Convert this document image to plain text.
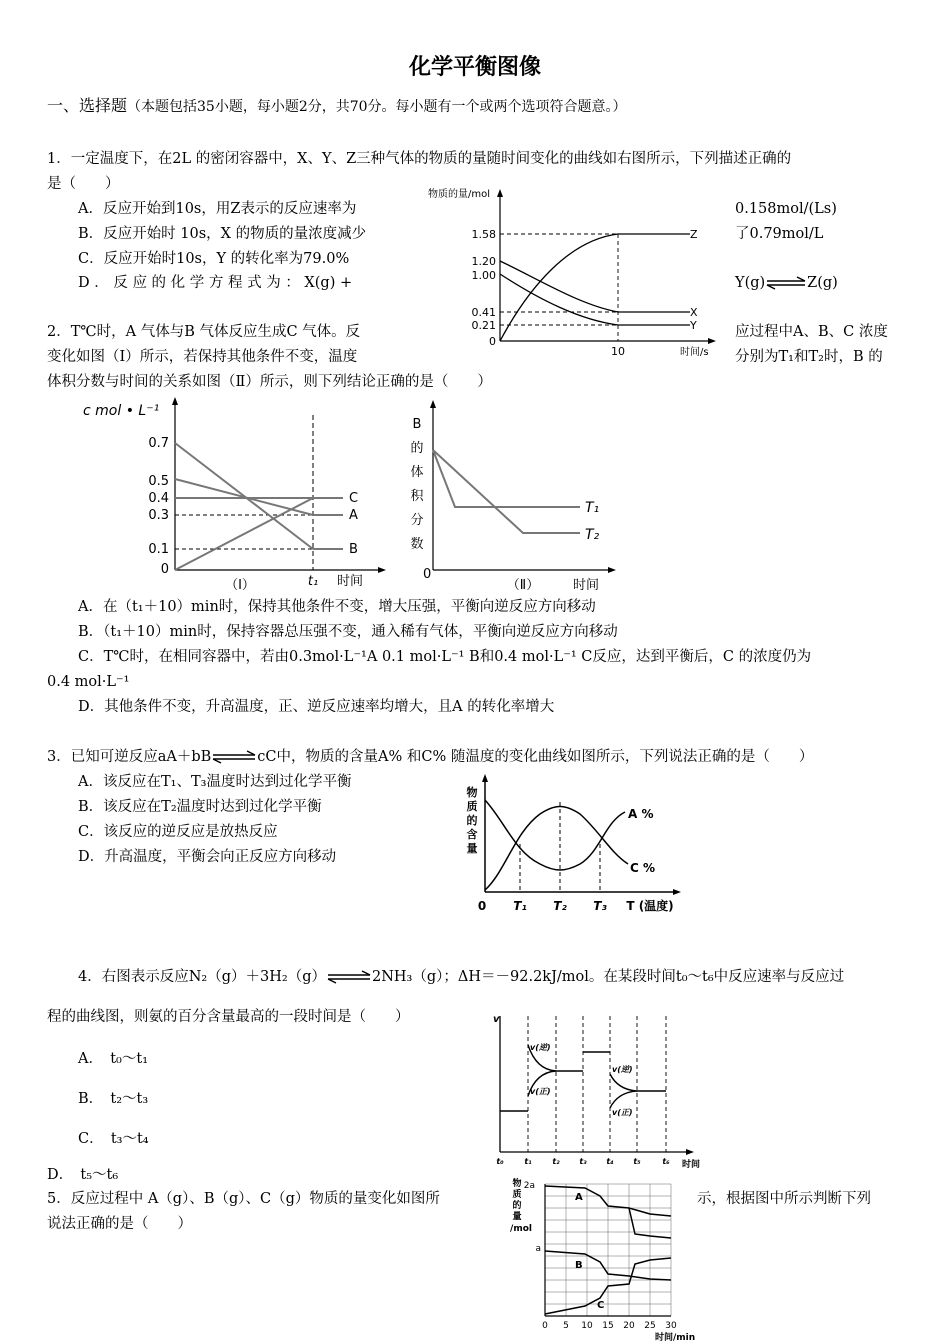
化学平衡图像
一、选择题（本题包括35小题，每小题2分，共70分。每小题有一个或两个选项符合题意。）
1．一定温度下，在2L 的密闭容器中，X、Y、Z三种气体的物质的量随时间变化的曲线如右图所示，下列描述正确的
是（　　）
A．反应开始到10s，用Z表示的反应速率为	0.158mol/(Ls)
B．反应开始时 10s，X 的物质的量浓度减少	了0.79mol/L
C．反应开始时10s，Y 的转化率为79.0%
D ． 反 应 的 化 学 方 程 式 为 ： X(g) +	Y(g)⇌Z(g)
物质的量/mol
1.58
1.20
1.00
0.41
0.21
0
10	时间/s
Z
X
Y
2．T℃时，A 气体与B 气体反应生成C 气体。反	应过程中A、B、C 浓度
变化如图（Ⅰ）所示，若保持其他条件不变，温度	分别为T₁和T₂时，B 的
体积分数与时间的关系如图（Ⅱ）所示，则下列结论正确的是（　　）
c mol • L⁻¹
0.7
0.5
0.4
0.3
0.1
0
C
A
B
t₁ 时间
（Ⅰ）
B
的
体
积
分
数
T₁
T₂
0
（Ⅱ）	时间
A．在（t₁＋10）min时，保持其他条件不变，增大压强，平衡向逆反应方向移动
B．（t₁＋10）min时，保持容器总压强不变，通入稀有气体，平衡向逆反应方向移动
C．T℃时，在相同容器中，若由0.3mol·L⁻¹A 0.1 mol·L⁻¹ B和0.4 mol·L⁻¹ C反应，达到平衡后，C 的浓度仍为
0.4 mol·L⁻¹
D．其他条件不变，升高温度，正、逆反应速率均增大，且A 的转化率增大
3．已知可逆反应aA＋bB⇌cC中，物质的含量A% 和C% 随温度的变化曲线如图所示，下列说法正确的是（　　）
A．该反应在T₁、T₃温度时达到过化学平衡
B．该反应在T₂温度时达到过化学平衡
C．该反应的逆反应是放热反应
D．升高温度，平衡会向正反应方向移动
物
质
的
含
量
A %
C %
0 T₁ T₂ T₃ T (温度)
4．右图表示反应N₂（g）＋3H₂（g）⇌2NH₃（g）；ΔH＝－92.2kJ/mol。在某段时间t₀～t₆中反应速率与反应过
程的曲线图，则氨的百分含量最高的一段时间是（　　）
A．　t₀～t₁
B．　t₂～t₃
C．　t₃～t₄
D．　t₅～t₆
v
v(逆)
v(正)
v(逆)
v(正)
t₀	t₁	t₂ t₃ t₄ t₅	t₆ 时间
5．反应过程中 A（g）、B（g）、C（g）物质的量变化如图所	示，根据图中所示判断下列
说法正确的是（　　）
物
质
的
量
/mol
2a
a
A
B
C
0 5 10 15 20 25 30
时间/min
